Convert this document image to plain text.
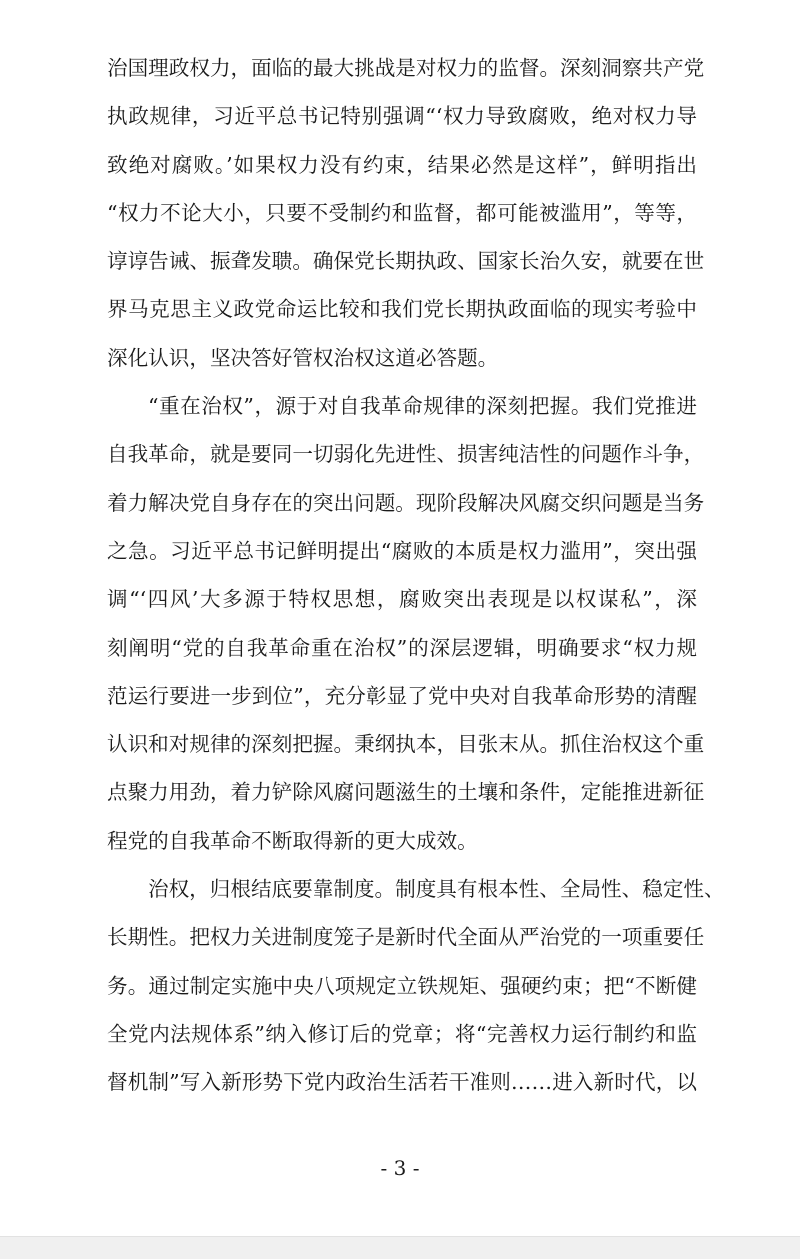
治国理政权力，面临的最大挑战是对权力的监督。深刻洞察共产党
执政规律，习近平总书记特别强调“‘权力导致腐败，绝对权力导
致绝对腐败。’如果权力没有约束，结果必然是这样”，鲜明指出
“权力不论大小，只要不受制约和监督，都可能被滥用”，等等，
谆谆告诫、振聋发聩。确保党长期执政、国家长治久安，就要在世
界马克思主义政党命运比较和我们党长期执政面临的现实考验中
深化认识，坚决答好管权治权这道必答题。
“重在治权”，源于对自我革命规律的深刻把握。我们党推进
自我革命，就是要同一切弱化先进性、损害纯洁性的问题作斗争，
着力解决党自身存在的突出问题。现阶段解决风腐交织问题是当务
之急。习近平总书记鲜明提出“腐败的本质是权力滥用”，突出强
调“‘四风’大多源于特权思想，腐败突出表现是以权谋私”，深
刻阐明“党的自我革命重在治权”的深层逻辑，明确要求“权力规
范运行要进一步到位”，充分彰显了党中央对自我革命形势的清醒
认识和对规律的深刻把握。秉纲执本，目张末从。抓住治权这个重
点聚力用劲，着力铲除风腐问题滋生的土壤和条件，定能推进新征
程党的自我革命不断取得新的更大成效。
治权，归根结底要靠制度。制度具有根本性、全局性、稳定性、
长期性。把权力关进制度笼子是新时代全面从严治党的一项重要任
务。通过制定实施中央八项规定立铁规矩、强硬约束；把“不断健
全党内法规体系”纳入修订后的党章；将“完善权力运行制约和监
督机制”写入新形势下党内政治生活若干准则……进入新时代，以
- 3 -
